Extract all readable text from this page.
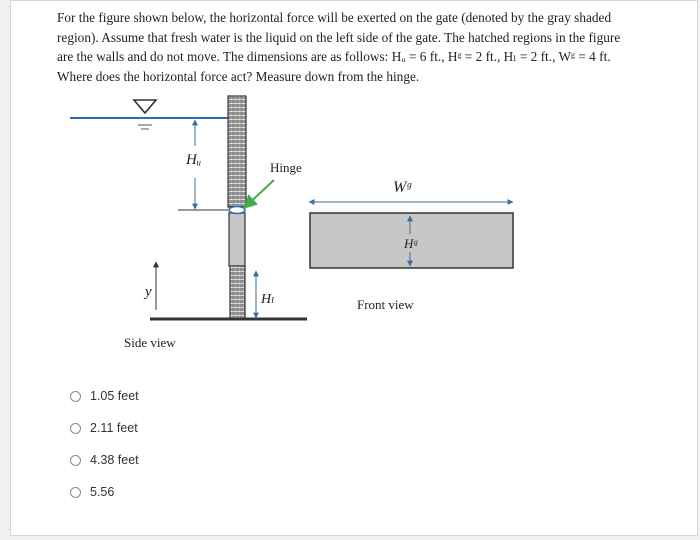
For the figure shown below, the horizontal force will be exerted on the gate (denoted by the gray shaded
region). Assume that fresh water is the liquid on the left side of the gate. The hatched regions in the figure
are the walls and do not move. The dimensions are as follows: Hᵤ = 6 ft., Hᵍ = 2 ft., Hₗ = 2 ft., Wᵍ = 4 ft.
Where does the horizontal force act? Measure down from the hinge.
Hᵤ	Hinge
y	Hₗ
Side view
Wᵍ
Hᵍ
Front view
1.05 feet
2.11 feet
4.38 feet
5.56
